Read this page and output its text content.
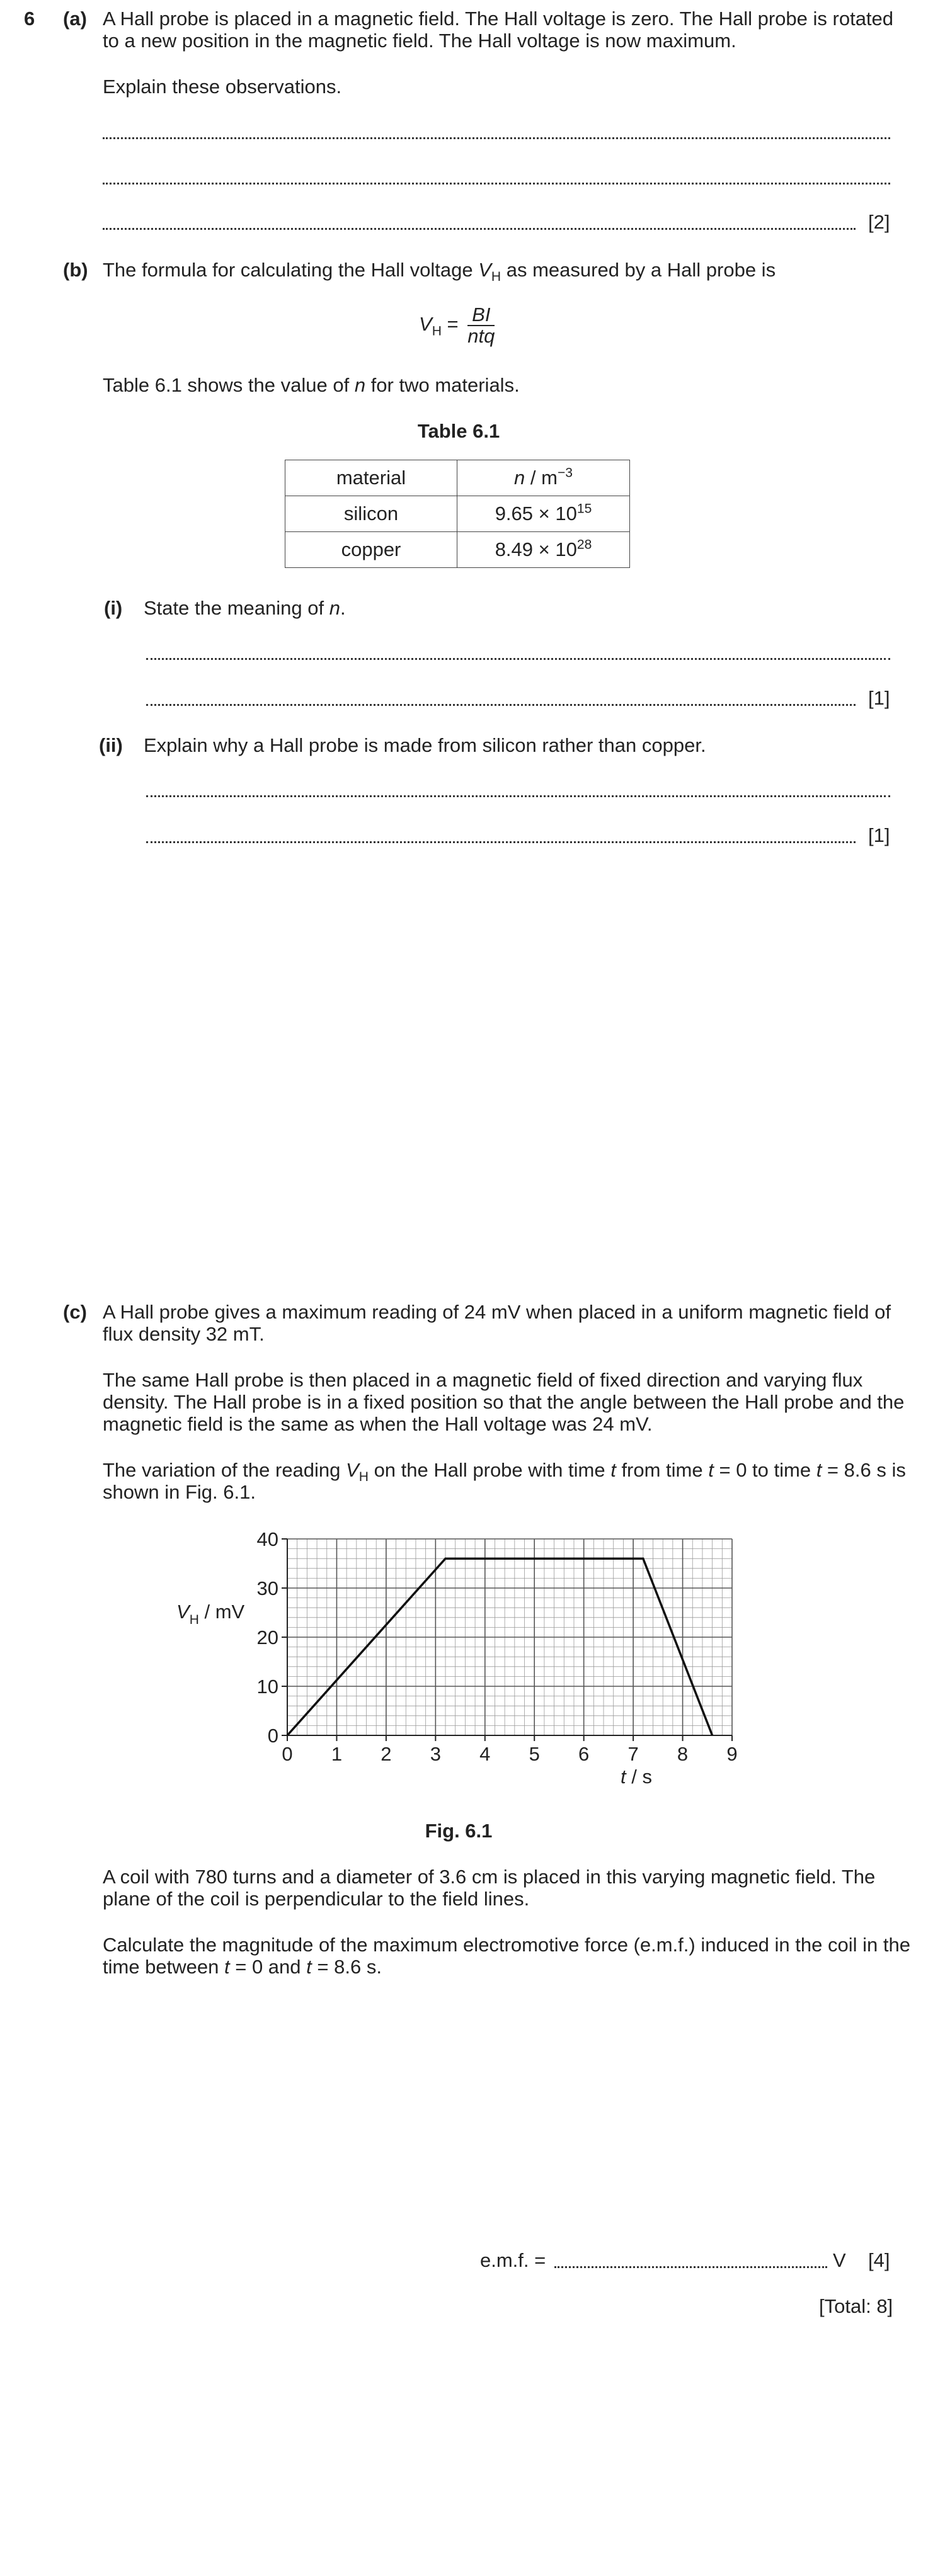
6 (a) A Hall probe is placed in a magnetic field. The Hall voltage is zero. The Hall probe is rotated
to a new position in the magnetic field. The Hall voltage is now maximum.
Explain these observations.
[2]
(b) The formula for calculating the Hall voltage $V_H$ as measured by a Hall probe is
$V_H$ = BI
ntq
Table 6.1 shows the value of n for two materials.
Table 6.1
material	n / $m^{-3}$
silicon	$9.65 \times 10^{15}$
copper	$8.49 \times 10^{28}$
(i) State the meaning of n.
[1]
(ii) Explain why a Hall probe is made from silicon rather than copper.
[1]
(c) A Hall probe gives a maximum reading of 24 mV when placed in a uniform magnetic field of
flux density 32 mT.
The same Hall probe is then placed in a magnetic field of fixed direction and varying flux
density. The Hall probe is in a fixed position so that the angle between the Hall probe and the
magnetic field is the same as when the Hall voltage was 24 mV.
The variation of the reading $V_H$ on the Hall probe with time t from time t = 0 to time t = 8.6 s is
shown in Fig. 6.1.
0 1 2 3 4 5 6 7 8 9
0
10
20
30
40
$V_H$ / mV
t / s
Fig. 6.1
A coil with 780 turns and a diameter of 3.6 cm is placed in this varying magnetic field. The
plane of the coil is perpendicular to the field lines.
Calculate the magnitude of the maximum electromotive force (e.m.f.) induced in the coil in the
time between t = 0 and t = 8.6 s.
e.m.f. =	V [4]
[Total: 8]
